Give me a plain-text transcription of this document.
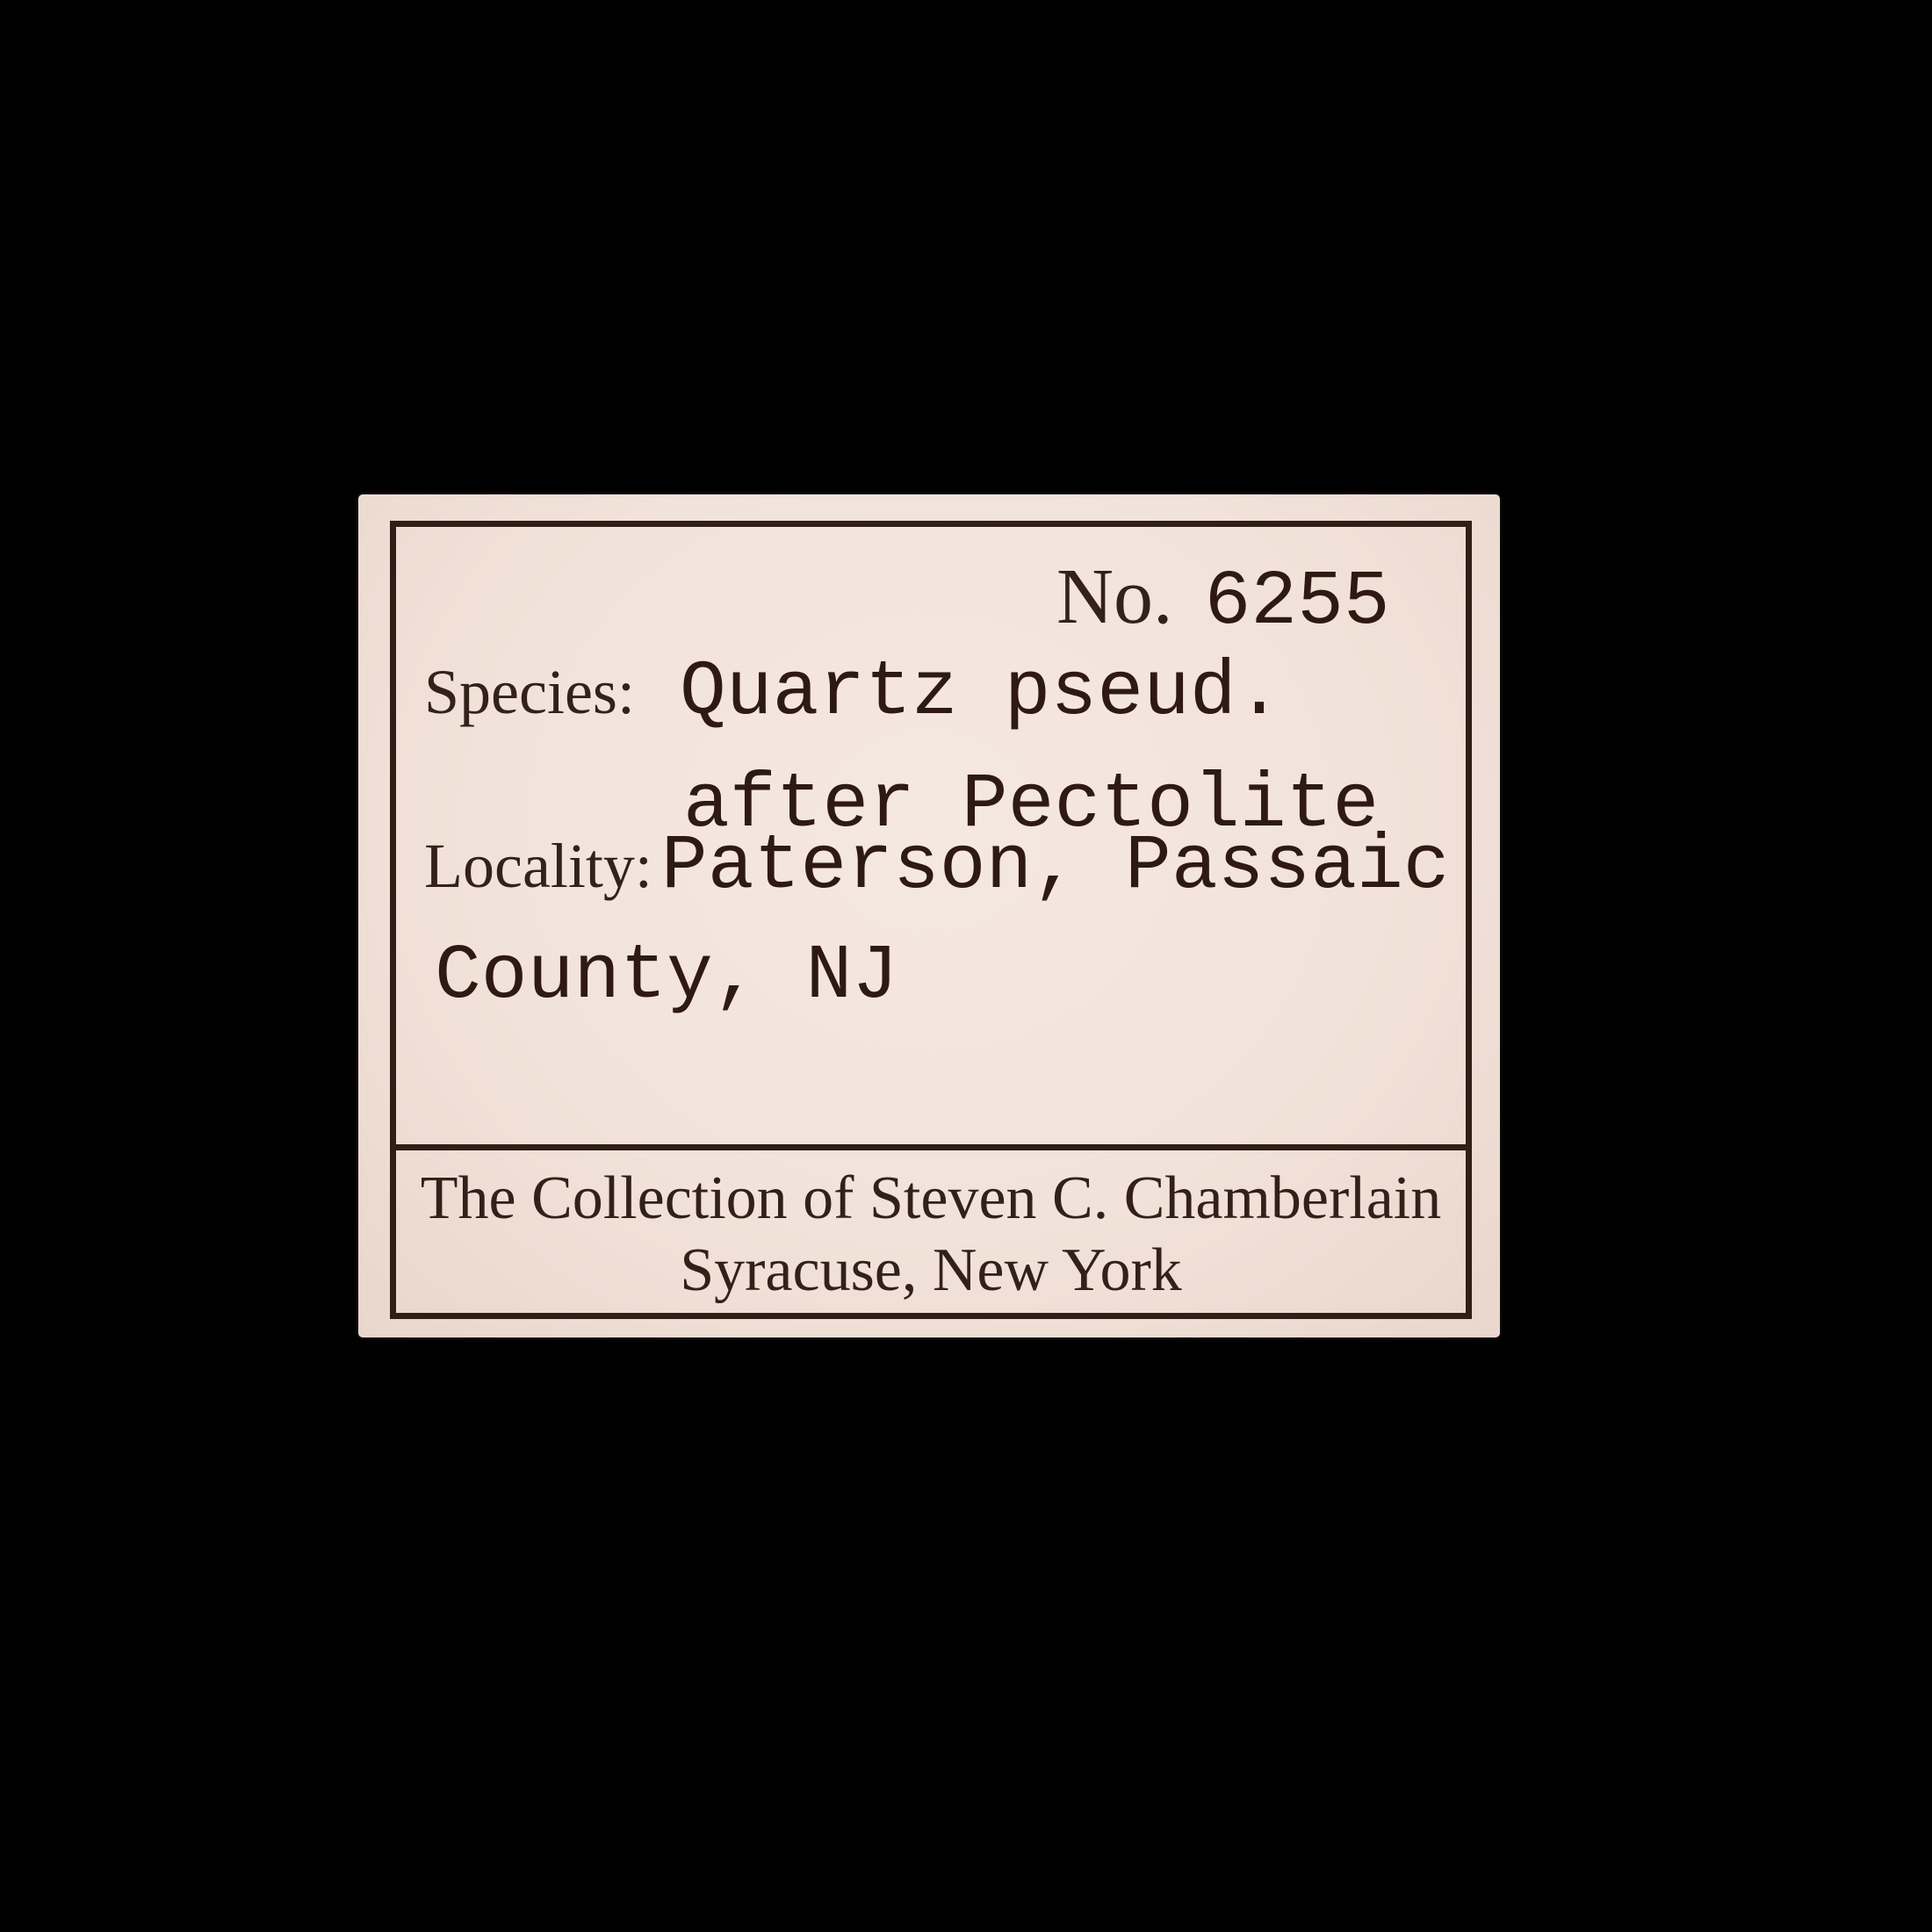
No. 6255
Species: Quartz pseud.
after Pectolite
Locality: Paterson, Passaic
County, NJ
The Collection of Steven C. Chamberlain
Syracuse, New York
